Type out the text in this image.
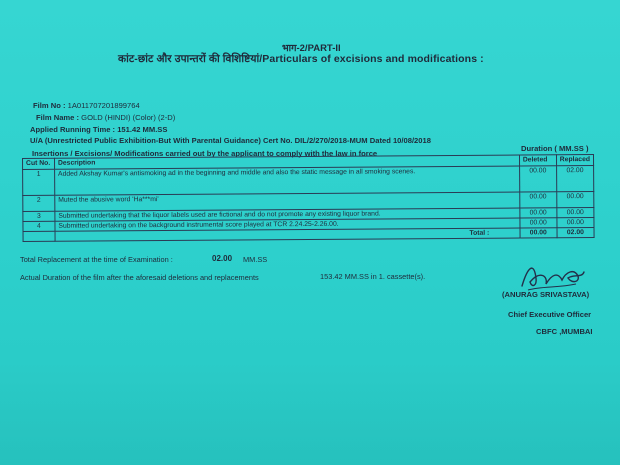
भाग-2/PART-II
कांट-छांट और उपान्तरों की विशिष्टियां/Particulars of excisions and modifications :
Film No : 1A011707201899764
Film Name : GOLD (HINDI) (Color) (2-D)
Applied Running Time : 151.42 MM.SS
U/A (Unrestricted Public Exhibition-But With Parental Guidance) Cert No. DIL/2/270/2018-MUM Dated 10/08/2018
Insertions / Excisions/ Modifications carried out by the applicant to comply with the law in force
Duration ( MM.SS )
Cut No.	Description	Deleted	Replaced
1	Added Akshay Kumar's antismoking ad in the beginning and middle and also the static message in all smoking scenes.	00.00	02.00
2	Muted the abusive word 'Ha***mi'	00.00	00.00
3	Submitted undertaking that the liquor labels used are fictional and do not promote any existing liquor brand.	00.00	00.00
4	Submitted undertaking on the background instrumental score played at TCR 2.24.25-2.26.00.	00.00	00.00
	Total :	00.00	02.00
Total Replacement at the time of Examination :	02.00 MM.SS
Actual Duration of the film after the aforesaid deletions and replacements	153.42 MM.SS in 1. cassette(s).
(ANURAG SRIVASTAVA)
Chief Executive Officer
CBFC ,MUMBAI
